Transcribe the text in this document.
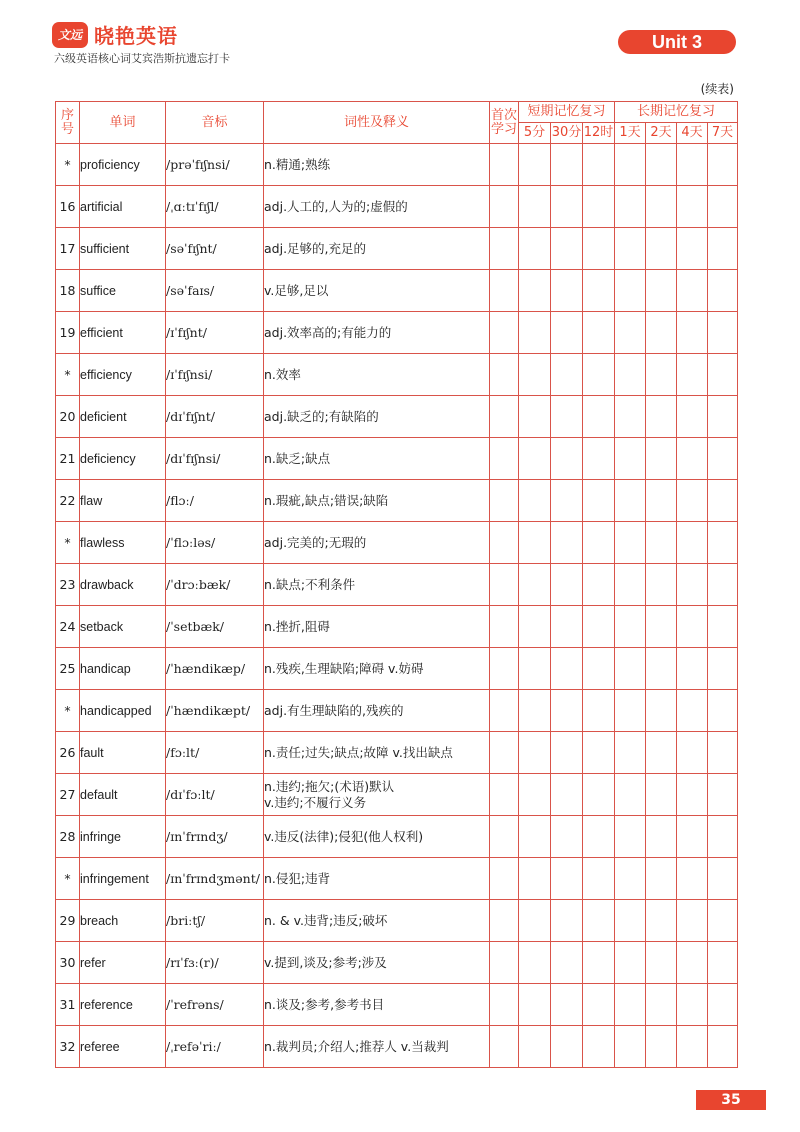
文远 晓艳英语
六级英语核心词艾宾浩斯抗遗忘打卡
Unit 3
(续表)
序号	单词	音标	词性及释义	首次学习	短期记忆复习			长期记忆复习			
					5分	30分	12时	1天	2天	4天	7天
*	proficiency	/prəˈfɪʃnsi/	n.精通;熟练								

16	artificial	/ˌɑːtɪˈfɪʃl/	adj.人工的,人为的;虚假的								

17	sufficient	/səˈfɪʃnt/	adj.足够的,充足的								

18	suffice	/səˈfaɪs/	v.足够,足以								

19	efficient	/ɪˈfɪʃnt/	adj.效率高的;有能力的								

*	efficiency	/ɪˈfɪʃnsi/	n.效率								

20	deficient	/dɪˈfɪʃnt/	adj.缺乏的;有缺陷的								

21	deficiency	/dɪˈfɪʃnsi/	n.缺乏;缺点								

22	flaw	/flɔː/	n.瑕疵,缺点;错误;缺陷								

*	flawless	/ˈflɔːləs/	adj.完美的;无瑕的								

23	drawback	/ˈdrɔːbæk/	n.缺点;不利条件								

24	setback	/ˈsetbæk/	n.挫折,阻碍								

25	handicap	/ˈhændikæp/	n.残疾,生理缺陷;障碍 v.妨碍								

*	handicapped	/ˈhændikæpt/	adj.有生理缺陷的,残疾的								

26	fault	/fɔːlt/	n.责任;过失;缺点;故障 v.找出缺点								

27	default	/dɪˈfɔːlt/	n.违约;拖欠;(术语)默认
v.违约;不履行义务								

28	infringe	/ɪnˈfrɪndʒ/	v.违反(法律);侵犯(他人权利)								

*	infringement	/ɪnˈfrɪndʒmənt/	n.侵犯;违背								

29	breach	/briːtʃ/	n. & v.违背;违反;破坏								

30	refer	/rɪˈfɜː(r)/	v.提到,谈及;参考;涉及								

31	reference	/ˈrefrəns/	n.谈及;参考,参考书目								

32	referee	/ˌrefəˈriː/	n.裁判员;介绍人;推荐人 v.当裁判								

35
